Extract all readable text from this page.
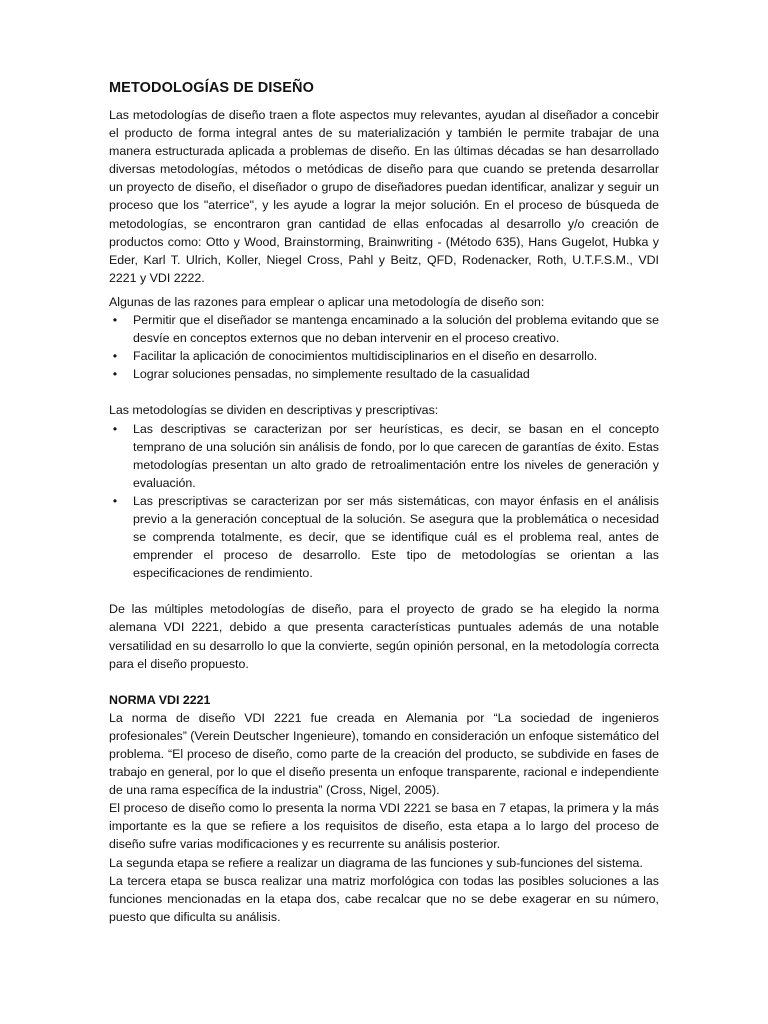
METODOLOGÍAS DE DISEÑO

Las metodologías de diseño traen a flote aspectos muy relevantes, ayudan al diseñador a concebir el producto de forma integral antes de su materialización y también le permite trabajar de una manera estructurada aplicada a problemas de diseño. En las últimas décadas se han desarrollado diversas metodologías, métodos o metódicas de diseño para que cuando se pretenda desarrollar un proyecto de diseño, el diseñador o grupo de diseñadores puedan identificar, analizar y seguir un proceso que los "aterrice", y les ayude a lograr la mejor solución. En el proceso de búsqueda de metodologías, se encontraron gran cantidad de ellas enfocadas al desarrollo y/o creación de productos como: Otto y Wood, Brainstorming, Brainwriting - (Método 635), Hans Gugelot, Hubka y Eder, Karl T. Ulrich, Koller, Niegel Cross, Pahl y Beitz, QFD, Rodenacker, Roth, U.T.F.S.M., VDI 2221 y VDI 2222.

Algunas de las razones para emplear o aplicar una metodología de diseño son:

•	Permitir que el diseñador se mantenga encaminado a la solución del problema evitando que se desvíe en conceptos externos que no deban intervenir en el proceso creativo.
•	Facilitar la aplicación de conocimientos multidisciplinarios en el diseño en desarrollo.
•	Lograr soluciones pensadas, no simplemente resultado de la casualidad

Las metodologías se dividen en descriptivas y prescriptivas:

•	Las descriptivas se caracterizan por ser heurísticas, es decir, se basan en el concepto temprano de una solución sin análisis de fondo, por lo que carecen de garantías de éxito. Estas metodologías presentan un alto grado de retroalimentación entre los niveles de generación y evaluación.
•	Las prescriptivas se caracterizan por ser más sistemáticas, con mayor énfasis en el análisis previo a la generación conceptual de la solución. Se asegura que la problemática o necesidad se comprenda totalmente, es decir, que se identifique cuál es el problema real, antes de emprender el proceso de desarrollo. Este tipo de metodologías se orientan a las especificaciones de rendimiento.

De las múltiples metodologías de diseño, para el proyecto de grado se ha elegido la norma alemana VDI 2221, debido a que presenta características puntuales además de una notable versatilidad en su desarrollo lo que la convierte, según opinión personal, en la metodología correcta para el diseño propuesto.

NORMA VDI 2221

La norma de diseño VDI 2221 fue creada en Alemania por “La sociedad de ingenieros profesionales” (Verein Deutscher Ingenieure), tomando en consideración un enfoque sistemático del problema. “El proceso de diseño, como parte de la creación del producto, se subdivide en fases de trabajo en general, por lo que el diseño presenta un enfoque transparente, racional e independiente de una rama específica de la industria” (Cross, Nigel, 2005).

El proceso de diseño como lo presenta la norma VDI 2221 se basa en 7 etapas, la primera y la más importante es la que se refiere a los requisitos de diseño, esta etapa a lo largo del proceso de diseño sufre varias modificaciones y es recurrente su análisis posterior.

La segunda etapa se refiere a realizar un diagrama de las funciones y sub-funciones del sistema.

La tercera etapa se busca realizar una matriz morfológica con todas las posibles soluciones a las funciones mencionadas en la etapa dos, cabe recalcar que no se debe exagerar en su número, puesto que dificulta su análisis.
